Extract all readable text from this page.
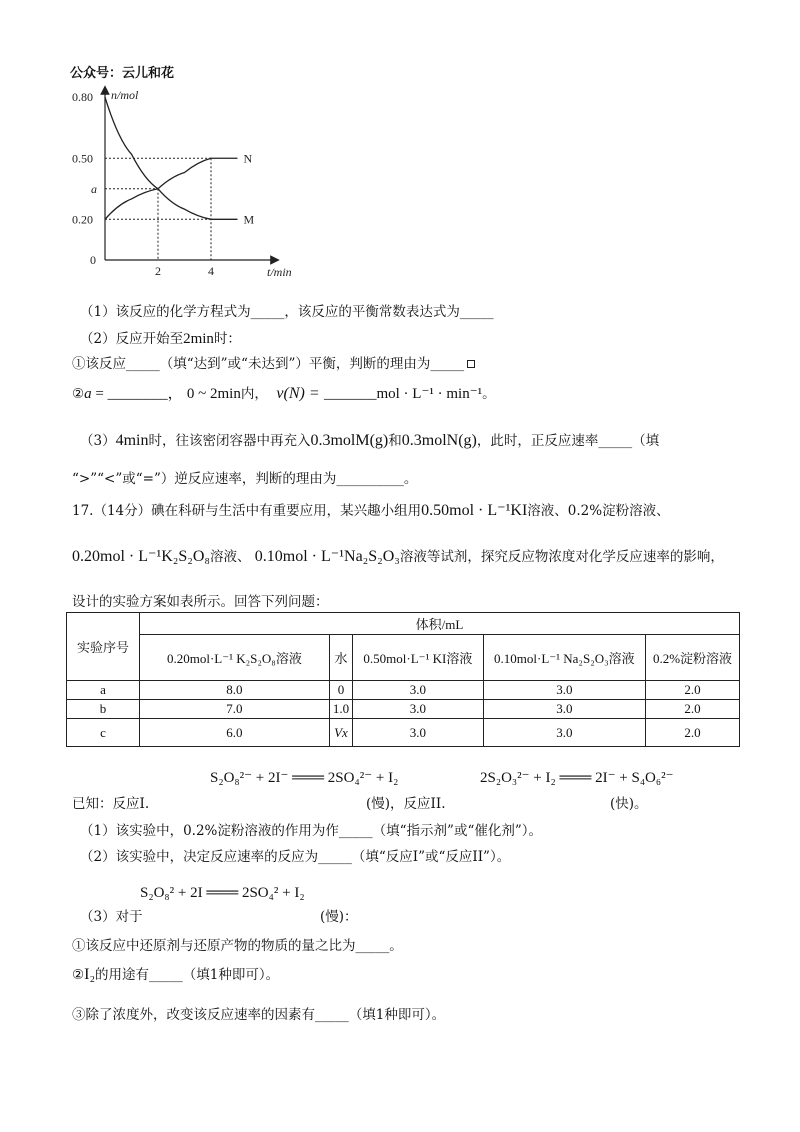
公众号：云儿和花
0.80
0.50
a
0.20
0
2	4
n/mol
t/min
N
M
（1）该反应的化学方程式为_____，该反应的平衡常数表达式为_____
（2）反应开始至2min时：
①该反应_____（填“达到”或“未达到”）平衡，判断的理由为_____
②a = ________， 0 ~ 2min内， v(N) = _______mol · L⁻¹ · min⁻¹。
（3）4min时，往该密闭容器中再充入0.3molM(g)和0.3molN(g)，此时，正反应速率_____（填
“>”“<”或“=”）逆反应速率，判断的理由为__________。
17.（14分）碘在科研与生活中有重要应用，某兴趣小组用0.50mol · L⁻¹KI溶液、0.2%淀粉溶液、
0.20mol · L⁻¹K₂S₂O₈溶液、 0.10mol · L⁻¹Na₂S₂O₃溶液等试剂，探究反应物浓度对化学反应速率的影响，
设计的实验方案如表所示。回答下列问题：
实验序号	体积/mL				
	0.20mol·L⁻¹ K₂S₂O₈溶液	水	0.50mol·L⁻¹ KI溶液	0.10mol·L⁻¹ Na₂S₂O₃溶液	0.2%淀粉溶液
a	8.0	0	3.0	3.0	2.0
b	7.0	1.0	3.0	3.0	2.0
c	6.0	Vx	3.0	3.0	2.0
S₂O₈²⁻ + 2I⁻ ═══ 2SO₄²⁻ + I₂	2S₂O₃²⁻ + I₂ ═══ 2I⁻ + S₄O₆²⁻
已知：反应I.	(慢)，反应II.	(快)。
（1）该实验中，0.2%淀粉溶液的作用为作_____（填“指示剂”或“催化剂”）。
（2）该实验中，决定反应速率的反应为_____（填“反应I”或“反应II”）。
S₂O₈² + 2I ═══ 2SO₄² + I₂
（3）对于	(慢)：
①该反应中还原剂与还原产物的物质的量之比为_____。
②I₂的用途有_____（填1种即可）。
③除了浓度外，改变该反应速率的因素有_____（填1种即可）。
